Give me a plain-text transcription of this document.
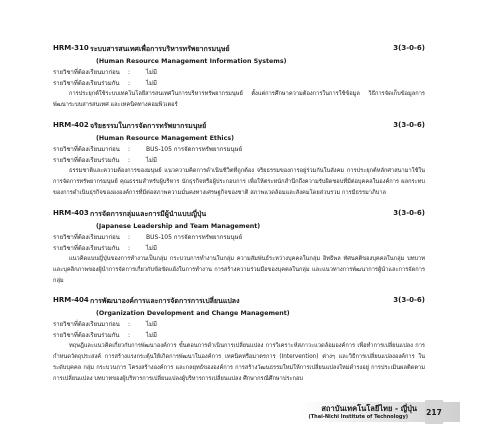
HRM-310 ระบบสารสนเทศเพื่อการบริหารทรัพยากรมนุษย์	3(3-0-6)
(Human Resource Management Information Systems)
รายวิชาที่ต้องเรียนมาก่อน :	ไม่มี
รายวิชาที่ต้องเรียนร่วมกัน :	ไม่มี
การประยุกต์ใช้ระบบเทคโนโลยีสารสนเทศในการบริหารทรัพยากรมนุษย์ ตั้งแต่การศึกษาความต้องการในการใช้ข้อมูล วิธีการจัดเก็บข้อมูลการพัฒนาระบบสารสนเทศ และเทคนิคทางคอมพิวเตอร์
HRM-402 จริยธรรมในการจัดการทรัพยากรมนุษย์	3(3-0-6)
(Human Resource Management Ethics)
รายวิชาที่ต้องเรียนมาก่อน :	BUS-105 การจัดการทรัพยากรมนุษย์
รายวิชาที่ต้องเรียนร่วมกัน :	ไม่มี
ธรรมชาติและความต้องการของมนุษย์ แนวความคิดการดำเนินชีวิตที่ถูกต้อง จริยธรรมของการอยู่ร่วมกันในสังคม การประยุกต์หลักศาสนามาใช้ในการจัดการทรัพยากรมนุษย์ คุณธรรมสำหรับผู้บริหาร นักธุรกิจหรือผู้ประกอบการ เพื่อให้ตระหนักสำนึกถึงความรับผิดชอบที่มีต่อบุคคลในองค์การ ผลกระทบของการดำเนินธุรกิจของององค์การที่มีต่อสภาพความมั่นคงทางเศรษฐกิจของชาติ สภาพแวดล้อมและสังคมโดยส่วนรวม การมีธรรมาภิบาล
HRM-403 การจัดการกลุ่มและการมีผู้นำแบบญี่ปุ่น	3(3-0-6)
(Japanese Leadership and Team Management)
รายวิชาที่ต้องเรียนมาก่อน :	BUS-105 การจัดการทรัพยากรมนุษย์
รายวิชาที่ต้องเรียนร่วมกัน :	ไม่มี
แนวคิดแบบญี่ปุ่นของการทำงานเป็นกลุ่ม กระบวนการทำงานในกลุ่ม ความสัมพันธ์ระหว่างบุคคลในกลุ่ม อิทธิพล ทัศนคติของบุคคลในกลุ่ม บทบาทและบุคลิกภาพของผู้นำการจัดการเกี่ยวกับข้อขัดแย้งในการทำงาน การสร้างความร่วมมือของบุคคลในกลุ่ม และแนวทางการพัฒนาการผู้นำและการจัดการกลุ่ม
HRM-404 การพัฒนาองค์การและการจัดการการเปลี่ยนแปลง	3(3-0-6)
(Organization Development and Change Management)
รายวิชาที่ต้องเรียนมาก่อน :	ไม่มี
รายวิชาที่ต้องเรียนร่วมกัน :	ไม่มี
ทฤษฎีและแนวคิดเกี่ยวกับการพัฒนาองค์การ ขั้นตอนการดำเนินการเปลี่ยนแปลง การวิเคราะห์สภาวะแวดล้อมองค์การ เพื่อทำการเปลี่ยนแปลง การกำหนดวัตถุประสงค์ การสร้างแรงกระตุ้นให้เกิดการพัฒนาในองค์การ เทคนิคหรือมาตรการ (Intervention) ต่างๆ และวิธีการเปลี่ยนแปลงองค์การ ในระดับบุคคล กลุ่ม กระบวนการ โครงสร้างองค์การ และกลยุทธ์ขององค์การ การสร้างวัฒนธรรมใหม่ให้การเปลี่ยนแปลงใหม่ดำรงอยู่ การประเมินผลติดตามการเปลี่ยนแปลง บทบาทของผู้บริหารการเปลี่ยนแปลงผู้บริหารการเปลี่ยนแปลง ศึกษากรณีศึกษาประกอบ
สถาบันเทคโนโลยีไทย - ญี่ปุ่น
(Thai-Nichi Institute of Technology)
217
